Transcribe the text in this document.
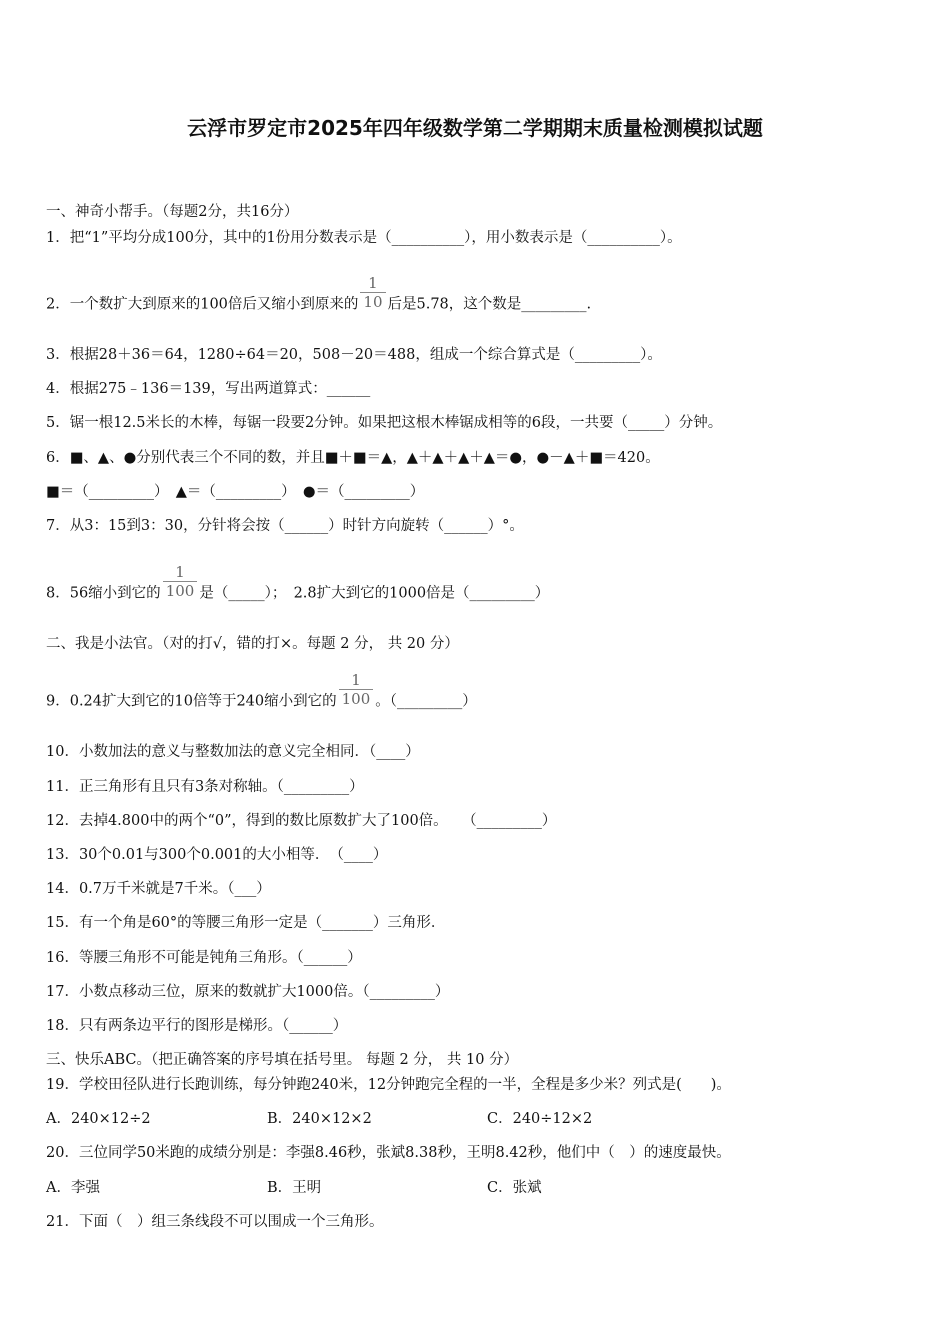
云浮市罗定市2025年四年级数学第二学期期末质量检测模拟试题
一、神奇小帮手。（每题2分，共16分）
1．把“1”平均分成100分，其中的1份用分数表示是（__________），用小数表示是（__________）。
2．一个数扩大到原来的100倍后又缩小到原来的 $\frac{1}{10}$ 后是5.78，这个数是_________.
3．根据28＋36＝64，1280÷64＝20，508－20＝488，组成一个综合算式是（_________）。
4．根据275﹣136＝139，写出两道算式：______
5．锯一根12.5米长的木棒，每锯一段要2分钟。如果把这根木棒锯成相等的6段，一共要（_____）分钟。
6．■、▲、●分别代表三个不同的数，并且■＋■＝▲，▲＋▲＋▲＋▲＝●，●－▲＋■＝420。
■＝（_________）　▲＝（_________）　●＝（_________）
7．从3：15到3：30，分针将会按（______）时针方向旋转（______）°。
8．56缩小到它的 $\frac{1}{100}$ 是（_____）；　2.8扩大到它的1000倍是（_________）
二、我是小法官。（对的打√，错的打×。每题 2 分， 共 20 分）
9．0.24扩大到它的10倍等于240缩小到它的 $\frac{1}{100}$ 。（_________）
10．小数加法的意义与整数加法的意义完全相同．（____）
11．正三角形有且只有3条对称轴。（_________）
12．去掉4.800中的两个“0”，得到的数比原数扩大了100倍。　　（_________）
13．30个0.01与300个0.001的大小相等．　（____）
14．0.7万千米就是7千米。（___）
15．有一个角是60°的等腰三角形一定是（_______）三角形．
16．等腰三角形不可能是钝角三角形。（______）
17．小数点移动三位，原来的数就扩大1000倍。（_________）
18．只有两条边平行的图形是梯形。（______）
三、快乐ABC。（把正确答案的序号填在括号里。 每题 2 分， 共 10 分）
19．学校田径队进行长跑训练，每分钟跑240米，12分钟跑完全程的一半，全程是多少米？列式是(　　)。
A．240×12÷2	B．240×12×2	C．240÷12×2
20．三位同学50米跑的成绩分别是：李强8.46秒，张斌8.38秒，王明8.42秒，他们中（　）的速度最快。
A．李强	B．王明	C．张斌
21．下面（　）组三条线段不可以围成一个三角形。
